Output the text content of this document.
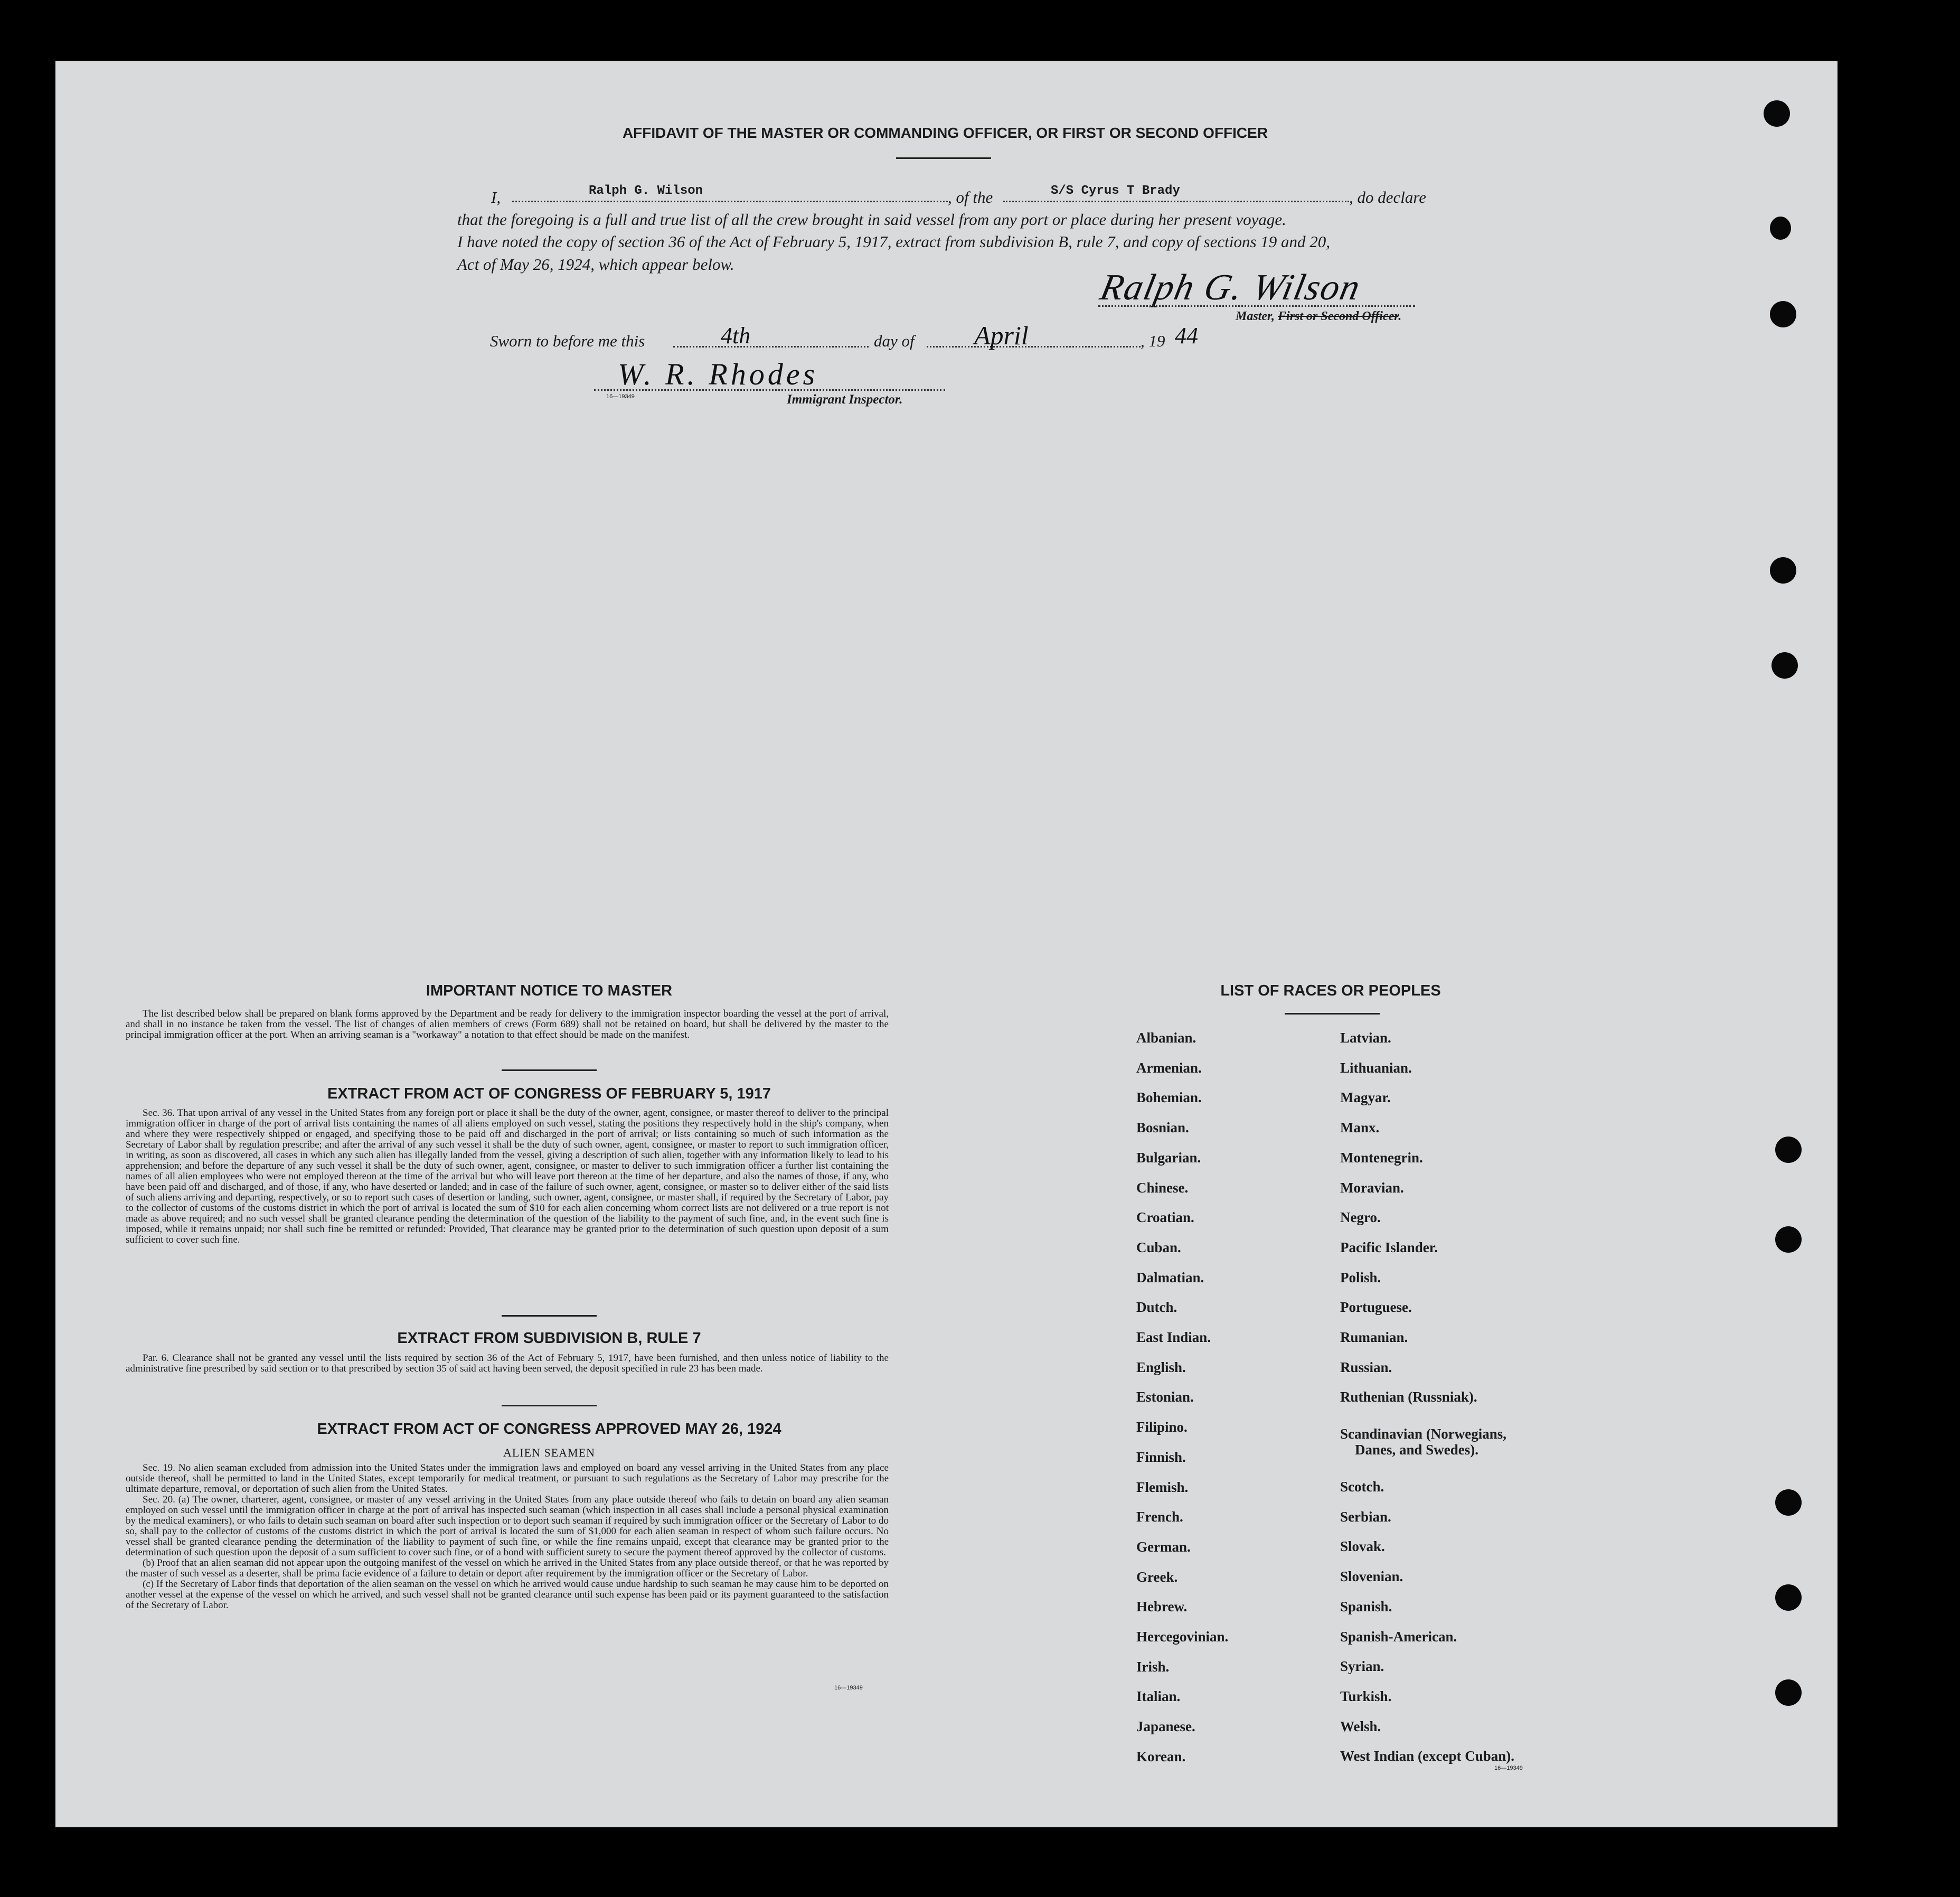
AFFIDAVIT OF THE MASTER OR COMMANDING OFFICER, OR FIRST OR SECOND OFFICER
I,	Ralph G. Wilson	, of the	S/S Cyrus T Brady	, do declare
that the foregoing is a full and true list of all the crew brought in said vessel from any port or place during her present voyage.
I have noted the copy of section 36 of the Act of February 5, 1917, extract from subdivision B, rule 7, and copy of sections 19 and 20,
Act of May 26, 1924, which appear below.
Ralph G. Wilson
Master, First or Second Officer.
Sworn to before me this	4th	day of April	, 19 44
W. R. Rhodes
16—19349	Immigrant Inspector.
IMPORTANT NOTICE TO MASTER

The list described below shall be prepared on blank forms approved by the Department and be ready for delivery to the immigration inspector boarding the vessel at the port of arrival, and shall in no instance be taken from the vessel. The list of changes of alien members of crews (Form 689) shall not be retained on board, but shall be delivered by the master to the principal immigration officer at the port. When an arriving seaman is a "workaway" a notation to that effect should be made on the manifest.

EXTRACT FROM ACT OF CONGRESS OF FEBRUARY 5, 1917

Sec. 36. That upon arrival of any vessel in the United States from any foreign port or place it shall be the duty of the owner, agent, consignee, or master thereof to deliver to the principal immigration officer in charge of the port of arrival lists containing the names of all aliens employed on such vessel, stating the positions they respectively hold in the ship's company, when and where they were respectively shipped or engaged, and specifying those to be paid off and discharged in the port of arrival; or lists containing so much of such information as the Secretary of Labor shall by regulation prescribe; and after the arrival of any such vessel it shall be the duty of such owner, agent, consignee, or master to report to such immigration officer, in writing, as soon as discovered, all cases in which any such alien has illegally landed from the vessel, giving a description of such alien, together with any information likely to lead to his apprehension; and before the departure of any such vessel it shall be the duty of such owner, agent, consignee, or master to deliver to such immigration officer a further list containing the names of all alien employees who were not employed thereon at the time of the arrival but who will leave port thereon at the time of her departure, and also the names of those, if any, who have been paid off and discharged, and of those, if any, who have deserted or landed; and in case of the failure of such owner, agent, consignee, or master so to deliver either of the said lists of such aliens arriving and departing, respectively, or so to report such cases of desertion or landing, such owner, agent, consignee, or master shall, if required by the Secretary of Labor, pay to the collector of customs of the customs district in which the port of arrival is located the sum of $10 for each alien concerning whom correct lists are not delivered or a true report is not made as above required; and no such vessel shall be granted clearance pending the determination of the question of the liability to the payment of such fine, and, in the event such fine is imposed, while it remains unpaid; nor shall such fine be remitted or refunded: Provided, That clearance may be granted prior to the determination of such question upon deposit of a sum sufficient to cover such fine.

EXTRACT FROM SUBDIVISION B, RULE 7

Par. 6. Clearance shall not be granted any vessel until the lists required by section 36 of the Act of February 5, 1917, have been furnished, and then unless notice of liability to the administrative fine prescribed by said section or to that prescribed by section 35 of said act having been served, the deposit specified in rule 23 has been made.

EXTRACT FROM ACT OF CONGRESS APPROVED MAY 26, 1924
ALIEN SEAMEN

Sec. 19. No alien seaman excluded from admission into the United States under the immigration laws and employed on board any vessel arriving in the United States from any place outside thereof, shall be permitted to land in the United States, except temporarily for medical treatment, or pursuant to such regulations as the Secretary of Labor may prescribe for the ultimate departure, removal, or deportation of such alien from the United States.

Sec. 20. (a) The owner, charterer, agent, consignee, or master of any vessel arriving in the United States from any place outside thereof who fails to detain on board any alien seaman employed on such vessel until the immigration officer in charge at the port of arrival has inspected such seaman (which inspection in all cases shall include a personal physical examination by the medical examiners), or who fails to detain such seaman on board after such inspection or to deport such seaman if required by such immigration officer or the Secretary of Labor to do so, shall pay to the collector of customs of the customs district in which the port of arrival is located the sum of $1,000 for each alien seaman in respect of whom such failure occurs. No vessel shall be granted clearance pending the determination of the liability to payment of such fine, or while the fine remains unpaid, except that clearance may be granted prior to the determination of such question upon the deposit of a sum sufficient to cover such fine, or of a bond with sufficient surety to secure the payment thereof approved by the collector of customs.

(b) Proof that an alien seaman did not appear upon the outgoing manifest of the vessel on which he arrived in the United States from any place outside thereof, or that he was reported by the master of such vessel as a deserter, shall be prima facie evidence of a failure to detain or deport after requirement by the immigration officer or the Secretary of Labor.

(c) If the Secretary of Labor finds that deportation of the alien seaman on the vessel on which he arrived would cause undue hardship to such seaman he may cause him to be deported on another vessel at the expense of the vessel on which he arrived, and such vessel shall not be granted clearance until such expense has been paid or its payment guaranteed to the satisfaction of the Secretary of Labor.

16—19349
LIST OF RACES OR PEOPLES
Albanian.
Armenian.
Bohemian.
Bosnian.
Bulgarian.
Chinese.
Croatian.
Cuban.
Dalmatian.
Dutch.
East Indian.
English.
Estonian.
Filipino.
Finnish.
Flemish.
French.
German.
Greek.
Hebrew.
Hercegovinian.
Irish.
Italian.
Japanese.
Korean.
Latvian.
Lithuanian.
Magyar.
Manx.
Montenegrin.
Moravian.
Negro.
Pacific Islander.
Polish.
Portuguese.
Rumanian.
Russian.
Ruthenian (Russniak).
Scandinavian (Norwegians,
Danes, and Swedes).
Scotch.
Serbian.
Slovak.
Slovenian.
Spanish.
Spanish-American.
Syrian.
Turkish.
Welsh.
West Indian (except Cuban).
16—19349
